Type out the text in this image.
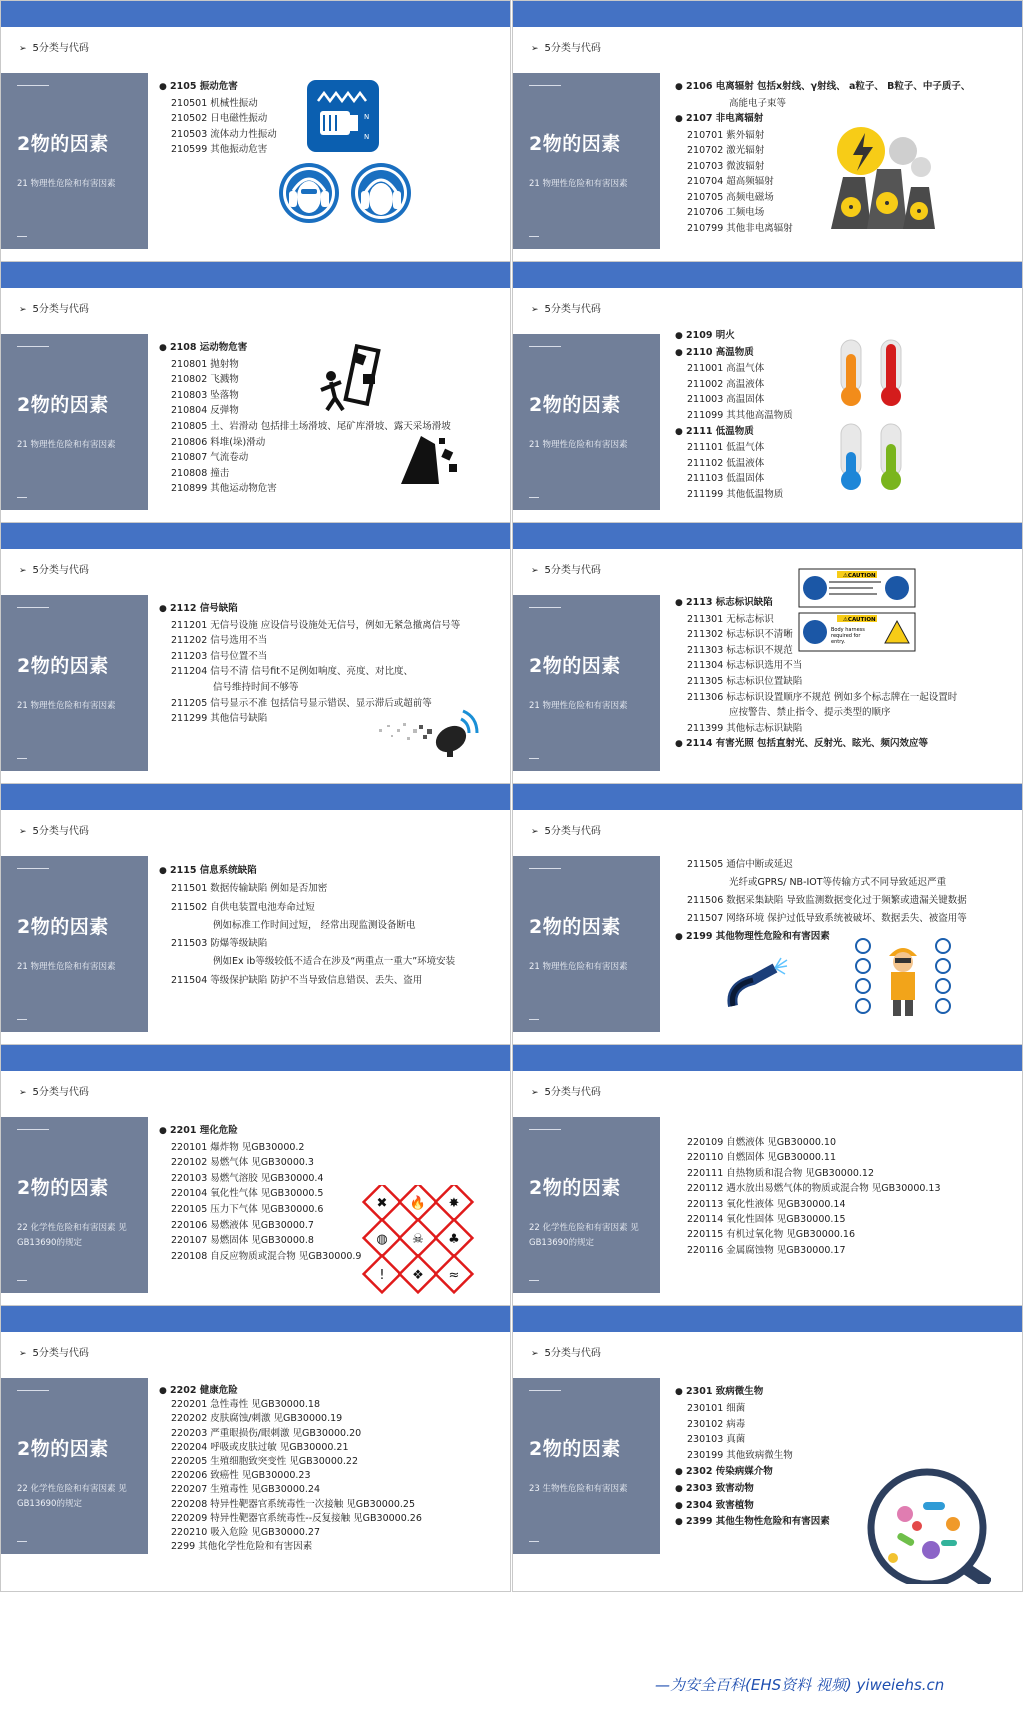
➢ 5分类与代码
2物的因素
21 物理性危险和有害因素
● 2105 振动危害
210501 机械性振动
210502 日电磁性振动
210503 流体动力性振动
210599 其他振动危害
N
N
➢ 5分类与代码
2物的因素
21 物理性危险和有害因素
● 2106 电离辐射 包括x射线、γ射线、 a粒子、 B粒子、中子质子、
高能电子束等
● 2107 非电离辐射
210701 紫外辐射
210702 激光辐射
210703 微波辐射
210704 超高频辐射
210705 高频电磁场
210706 工频电场
210799 其他非电离辐射
➢ 5分类与代码
2物的因素
21 物理性危险和有害因素
● 2108 运动物危害
210801 抛射物
210802 飞溅物
210803 坠落物
210804 反弹物
210805 土、岩滑动 包括排土场滑坡、尾矿库滑坡、露天采场滑坡
210806 料堆(垛)滑动
210807 气流卷动
210808 撞击
210899 其他运动物危害
➢ 5分类与代码
2物的因素
21 物理性危险和有害因素
● 2109 明火
● 2110 高温物质
211001 高温气体
211002 高温液体
211003 高温固体
211099 其其他高温物质
● 2111 低温物质
211101 低温气体
211102 低温液体
211103 低温固体
211199 其他低温物质
➢ 5分类与代码
2物的因素
21 物理性危险和有害因素
● 2112 信号缺陷
211201 无信号设施 应设信号设施处无信号，例如无紧急撤离信号等
211202 信号选用不当
211203 信号位置不当
211204 信号不清 信号fit不足例如响度、亮度、对比度、
信号维持时间不够等
211205 信号显示不准 包括信号显示错误、显示滞后或超前等
211299 其他信号缺陷
➢ 5分类与代码
2物的因素
21 物理性危险和有害因素
● 2113 标志标识缺陷
211301 无标志标识
211302 标志标识不清晰
211303 标志标识不规范
211304 标志标识选用不当
211305 标志标识位置缺陷
211306 标志标识设置顺序不规范 例如多个标志牌在一起设置时
应按警告、禁止指令、提示类型的顺序
211399 其他标志标识缺陷
● 2114 有害光照 包括直射光、反射光、眩光、频闪效应等
⚠CAUTION
⚠CAUTION
Body harness
required for
entry.
➢ 5分类与代码
2物的因素
21 物理性危险和有害因素
● 2115 信息系统缺陷
211501 数据传输缺陷 例如是否加密
211502 自供电装置电池寿命过短
例如标准工作时间过短， 经常出现监测设备断电
211503 防爆等级缺陷
例如Ex ib等级较低不适合在涉及“两重点一重大”环境安装
211504 等级保护缺陷 防护不当导致信息错误、丢失、盗用
➢ 5分类与代码
2物的因素
21 物理性危险和有害因素
211505 通信中断或延迟
光纤或GPRS/ NB-IOT等传输方式不同导致延迟严重
211506 数据采集缺陷 导致监测数据变化过于频繁或遗漏关键数据
211507 网络环境 保护过低导致系统被破坏、数据丢失、被盗用等
● 2199 其他物理性危险和有害因素
➢ 5分类与代码
2物的因素
22 化学性危险和有害因素 见GB13690的规定
● 2201 理化危险
220101 爆炸物 见GB30000.2
220102 易燃气体 见GB30000.3
220103 易燃气溶胶 见GB30000.4
220104 氧化性气体 见GB30000.5
220105 压力下气体 见GB30000.6
220106 易燃液体 见GB30000.7
220107 易燃固体 见GB30000.8
220108 自反应物质或混合物 见GB30000.9
✖ 🔥 ✸
◍ ☠ ♣
! ❖ ≈
➢ 5分类与代码
2物的因素
22 化学性危险和有害因素 见GB13690的规定
220109 自燃液体 见GB30000.10
220110 自燃固体 见GB30000.11
220111 自热物质和混合物 见GB30000.12
220112 遇水放出易燃气体的物质或混合物 见GB30000.13
220113 氧化性液体 见GB30000.14
220114 氧化性固体 见GB30000.15
220115 有机过氧化物 见GB30000.16
220116 金属腐蚀物 见GB30000.17
➢ 5分类与代码
2物的因素
22 化学性危险和有害因素 见GB13690的规定
● 2202 健康危险
220201 急性毒性 见GB30000.18
220202 皮肤腐蚀/刺激 见GB30000.19
220203 严重眼损伤/眼刺激 见GB30000.20
220204 呼吸或皮肤过敏 见GB30000.21
220205 生殖细胞致突变性 见GB30000.22
220206 致癌性 见GB30000.23
220207 生殖毒性 见GB30000.24
220208 特异性靶器官系统毒性一次接触 见GB30000.25
220209 特异性靶器官系统毒性--反复接触 见GB30000.26
220210 吸入危险 见GB30000.27
2299 其他化学性危险和有害因素
➢ 5分类与代码
2物的因素
23 生物性危险和有害因素
● 2301 致病微生物
230101 细菌
230102 病毒
230103 真菌
230199 其他致病微生物
● 2302 传染病媒介物
● 2303 致害动物
● 2304 致害植物
● 2399 其他生物性危险和有害因素
—为安全百科(EHS资料 视频) yiweiehs.cn
